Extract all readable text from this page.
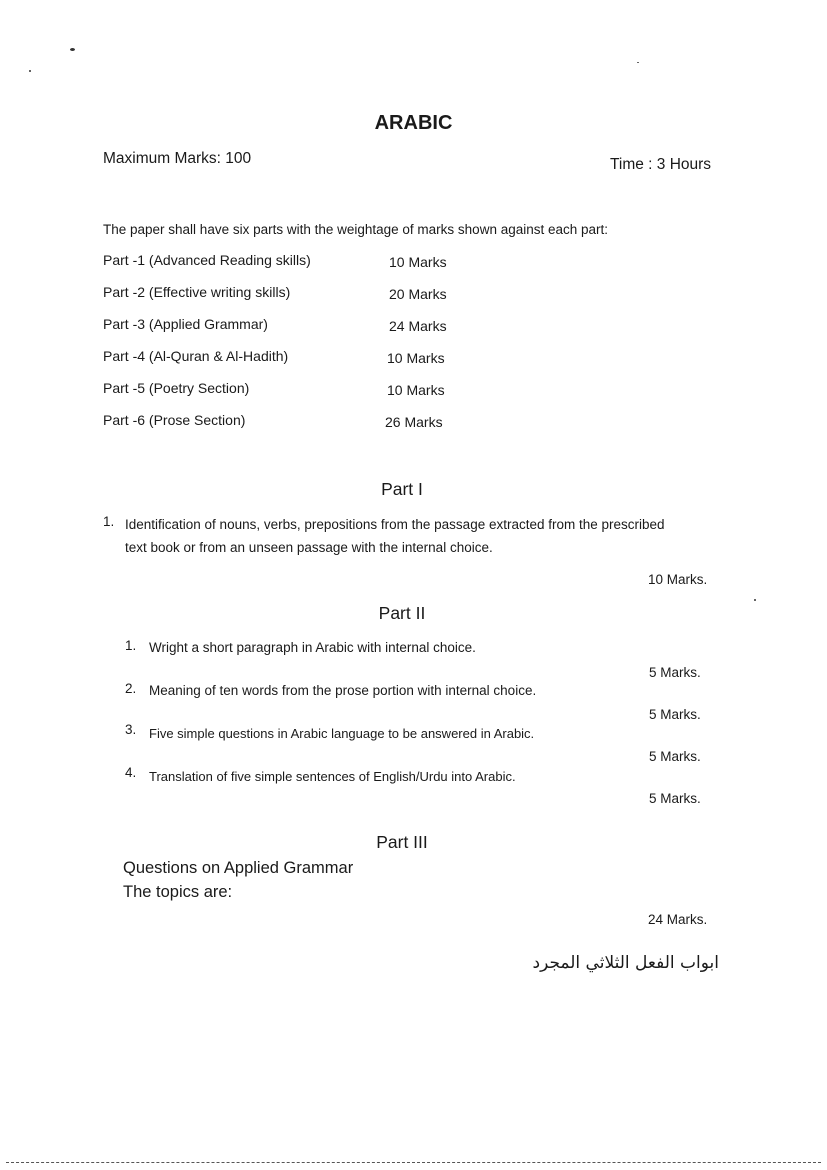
ARABIC
Maximum Marks: 100	Time : 3 Hours
The paper shall have six parts with the weightage of marks shown against each part:
Part -1 (Advanced Reading skills)	10 Marks
Part -2 (Effective writing skills)	20 Marks
Part -3 (Applied Grammar)	24 Marks
Part -4 (Al-Quran & Al-Hadith)	10 Marks
Part -5 (Poetry Section)	10 Marks
Part -6 (Prose Section)	26 Marks
Part I
1. Identification of nouns, verbs, prepositions from the passage extracted from the prescribed
text book or from an unseen passage with the internal choice.
10 Marks.
Part II
1. Wright a short paragraph in Arabic with internal choice.
5 Marks.
2. Meaning of ten words from the prose portion with internal choice.
5 Marks.
3. Five simple questions in Arabic language to be answered in Arabic.
5 Marks.
4. Translation of five simple sentences of English/Urdu into Arabic.
5 Marks.
Part III
Questions on Applied Grammar
The topics are:
24 Marks.
ابواب الفعل الثلاثي المجرد
